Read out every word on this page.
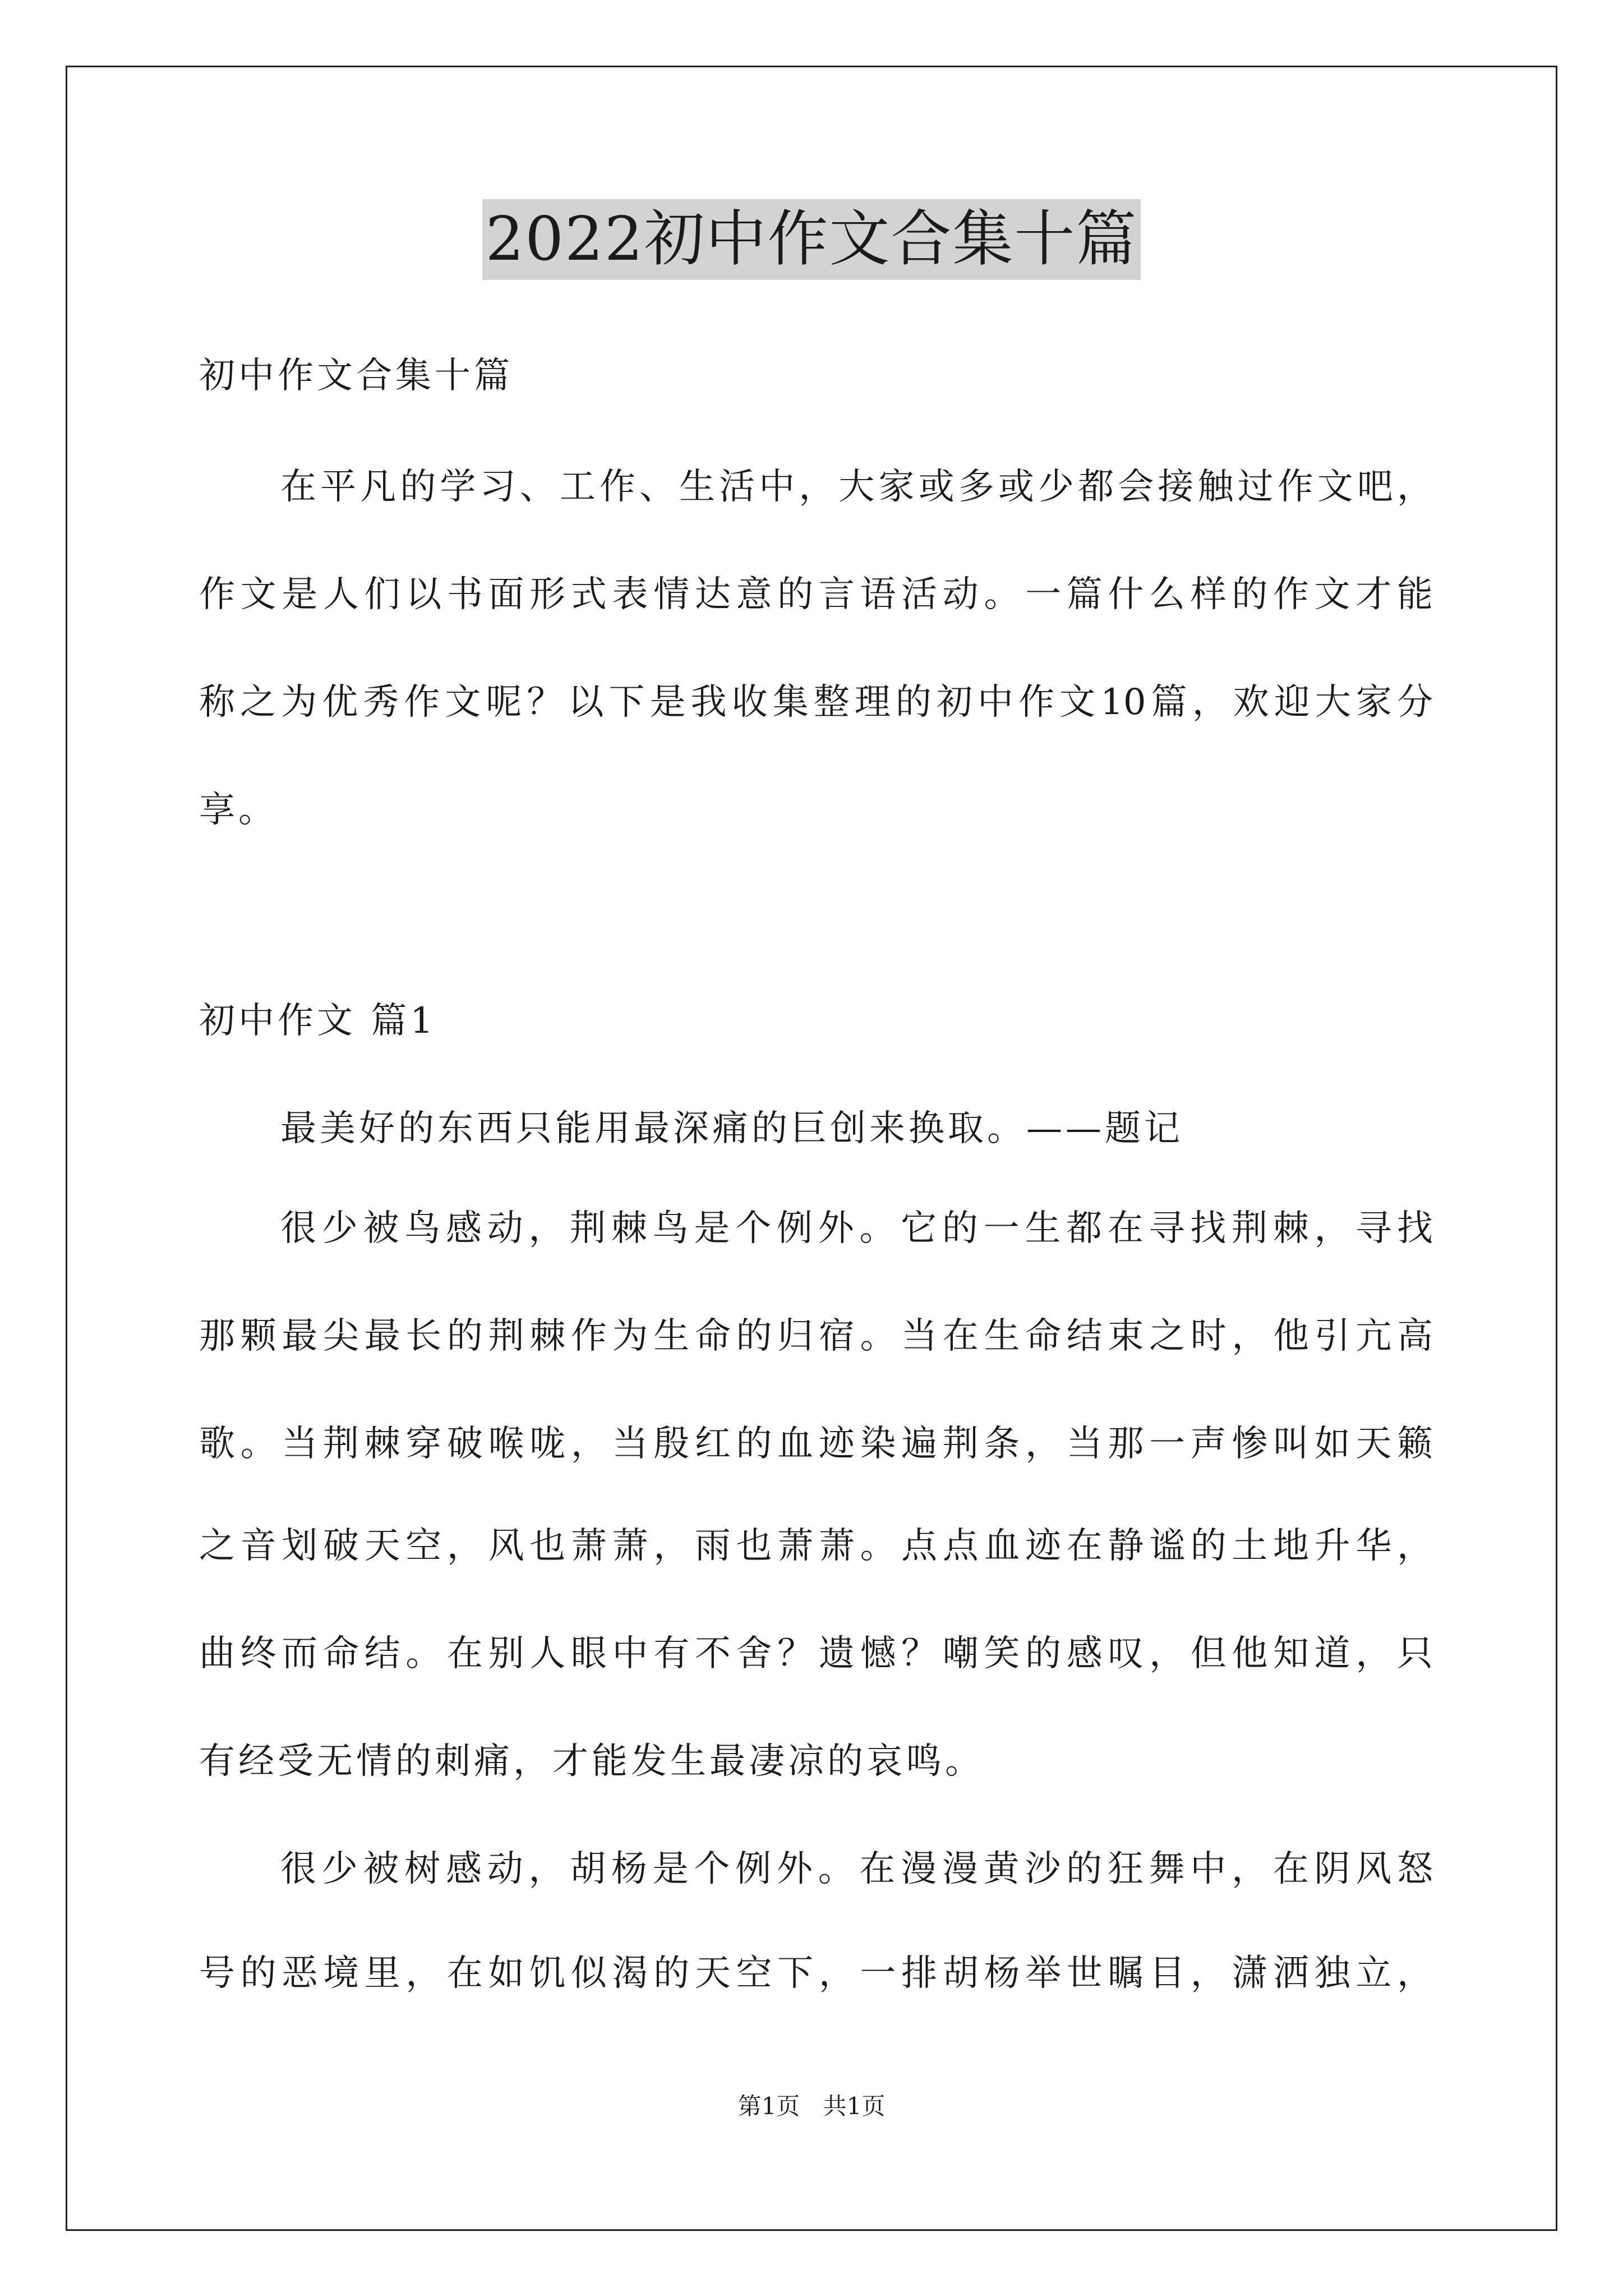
2022初中作文合集十篇
初中作文合集十篇
在平凡的学习、工作、生活中，大家或多或少都会接触过作文吧，
作文是人们以书面形式表情达意的言语活动。一篇什么样的作文才能
称之为优秀作文呢？以下是我收集整理的初中作文10篇，欢迎大家分
享。
初中作文 篇1
最美好的东西只能用最深痛的巨创来换取。——题记
很少被鸟感动，荆棘鸟是个例外。它的一生都在寻找荆棘，寻找
那颗最尖最长的荆棘作为生命的归宿。当在生命结束之时，他引亢高
歌。当荆棘穿破喉咙，当殷红的血迹染遍荆条，当那一声惨叫如天籁
之音划破天空，风也萧萧，雨也萧萧。点点血迹在静谧的土地升华，
曲终而命结。在别人眼中有不舍？遗憾？嘲笑的感叹，但他知道，只
有经受无情的刺痛，才能发生最凄凉的哀鸣。
很少被树感动，胡杨是个例外。在漫漫黄沙的狂舞中，在阴风怒
号的恶境里，在如饥似渴的天空下，一排胡杨举世瞩目，潇洒独立，
第1页 共1页
